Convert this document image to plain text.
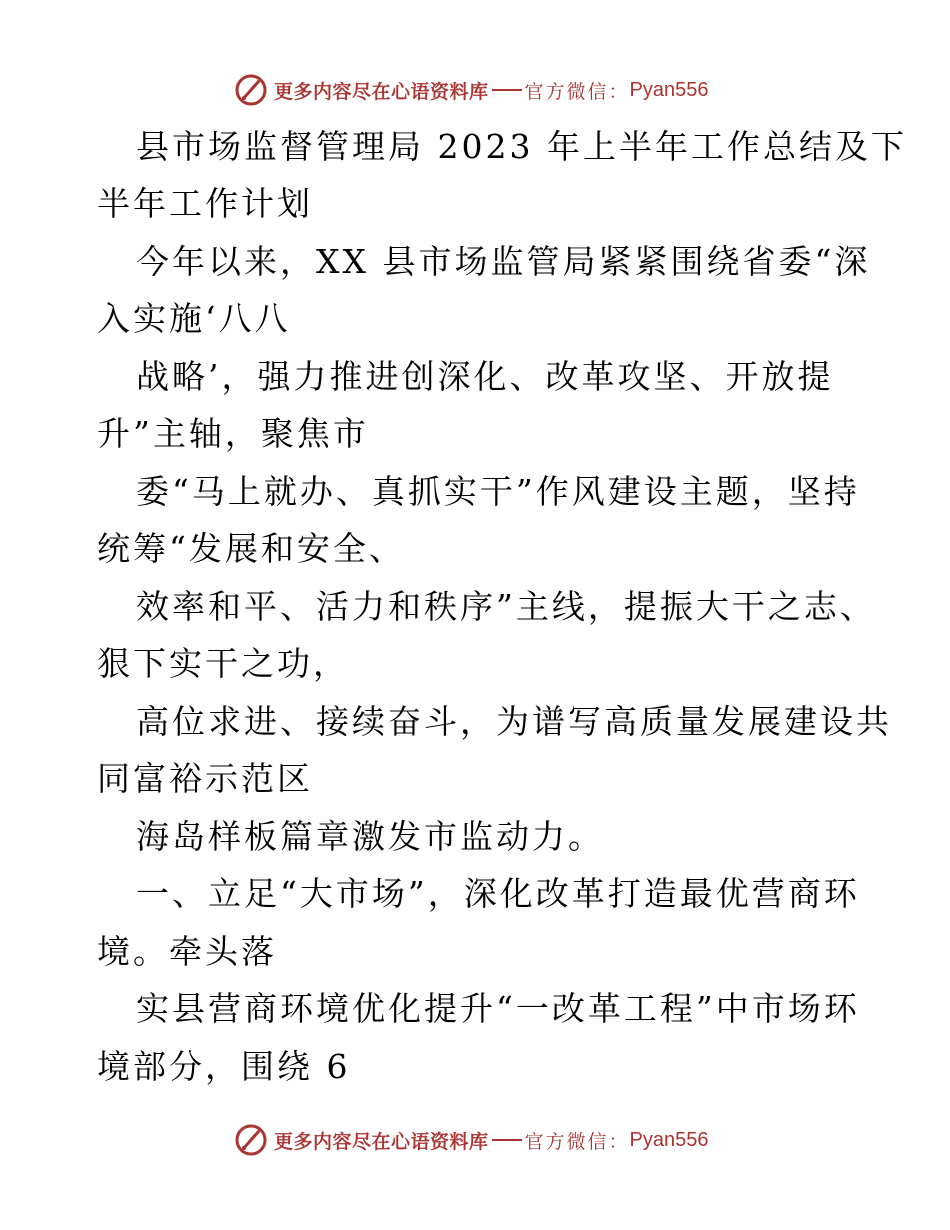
更多内容尽在心语资料库 官方微信： Pyan556
县市场监督管理局 2023 年上半年工作总结及下
半年工作计划
今年以来，XX 县市场监管局紧紧围绕省委“深
入实施‘八八
战略’，强力推进创深化、改革攻坚、开放提
升”主轴，聚焦市
委“马上就办、真抓实干”作风建设主题，坚持
统筹“发展和安全、
效率和平、活力和秩序”主线，提振大干之志、
狠下实干之功，
高位求进、接续奋斗，为谱写高质量发展建设共
同富裕示范区
海岛样板篇章激发市监动力。
一、立足“大市场”，深化改革打造最优营商环
境。牵头落
实县营商环境优化提升“一改革工程”中市场环
境部分，围绕 6
更多内容尽在心语资料库 官方微信： Pyan556
